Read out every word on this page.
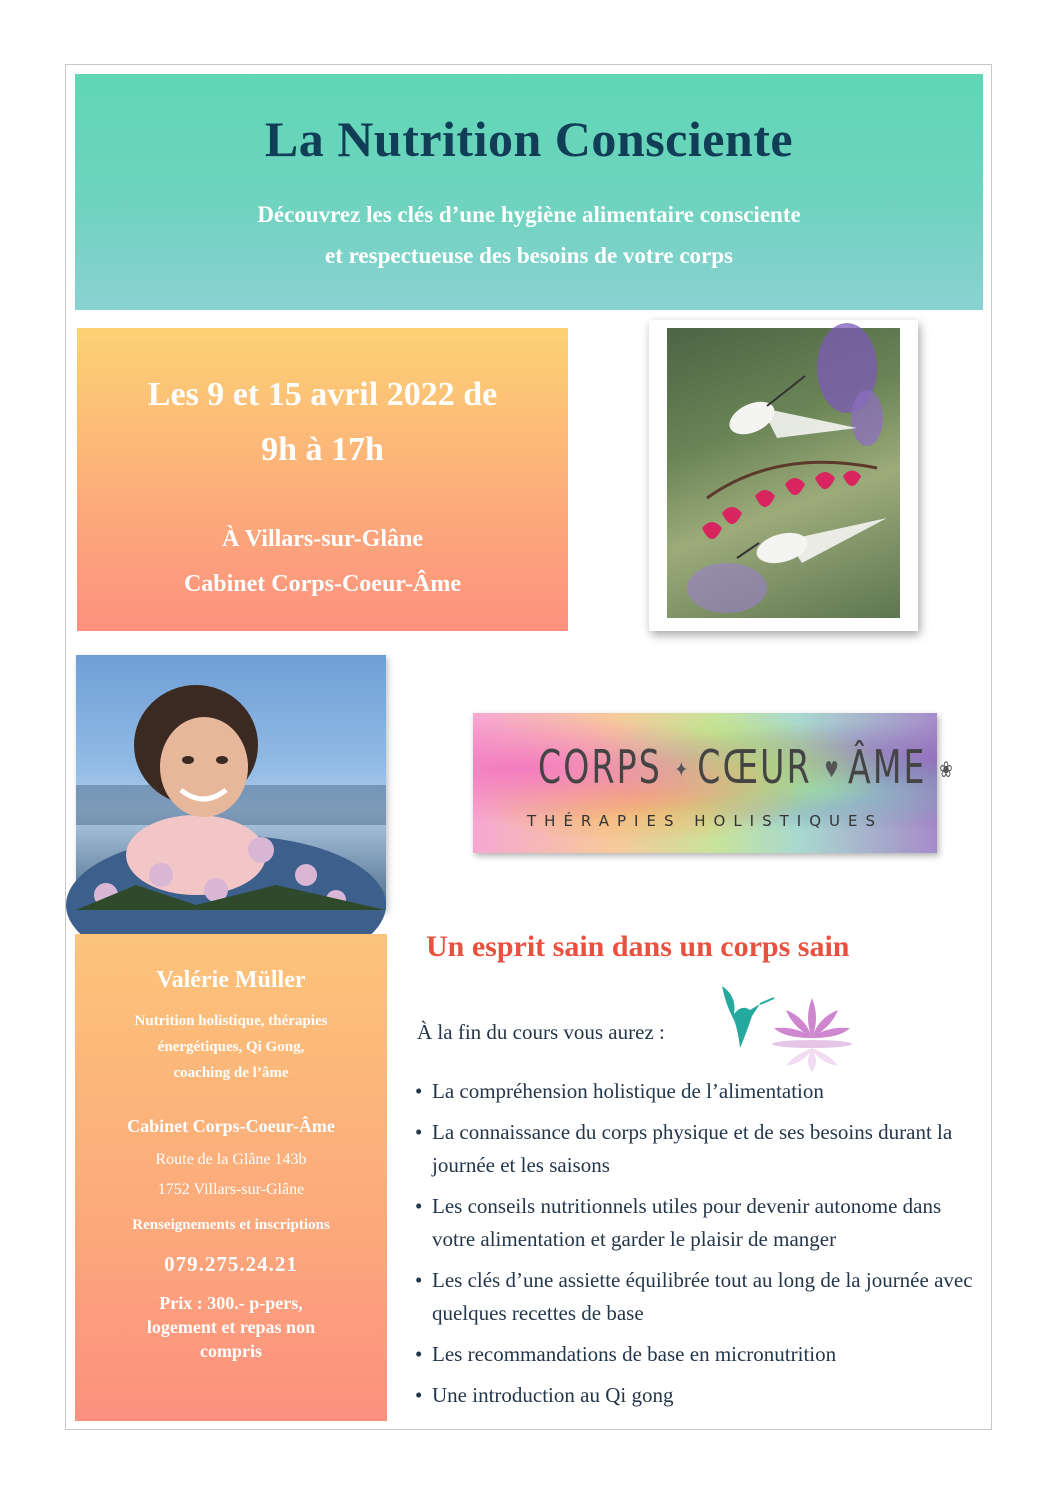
La Nutrition Consciente
Découvrez les clés d’une hygiène alimentaire consciente
et respectueuse des besoins de votre corps
Les 9 et 15 avril 2022 de
9h à 17h
À Villars-sur-Glâne
Cabinet Corps-Coeur-Âme
CORPS ✦ CŒUR ♥ ÂME ❀
THÉRAPIES HOLISTIQUES
Valérie Müller
Nutrition holistique, thérapies
énergétiques, Qi Gong,
coaching de l’âme
Cabinet Corps-Coeur-Âme
Route de la Glâne 143b
1752 Villars-sur-Glâne
Renseignements et inscriptions
079.275.24.21
Prix : 300.- p-pers,
logement et repas non
compris
Un esprit sain dans un corps sain
À la fin du cours vous aurez :
• La compréhension holistique de l’alimentation
• La connaissance du corps physique et de ses besoins durant la journée et les saisons
• Les conseils nutritionnels utiles pour devenir autonome dans votre alimentation et garder le plaisir de manger
• Les clés d’une assiette équilibrée tout au long de la journée avec quelques recettes de base
• Les recommandations de base en micronutrition
• Une introduction au Qi gong
